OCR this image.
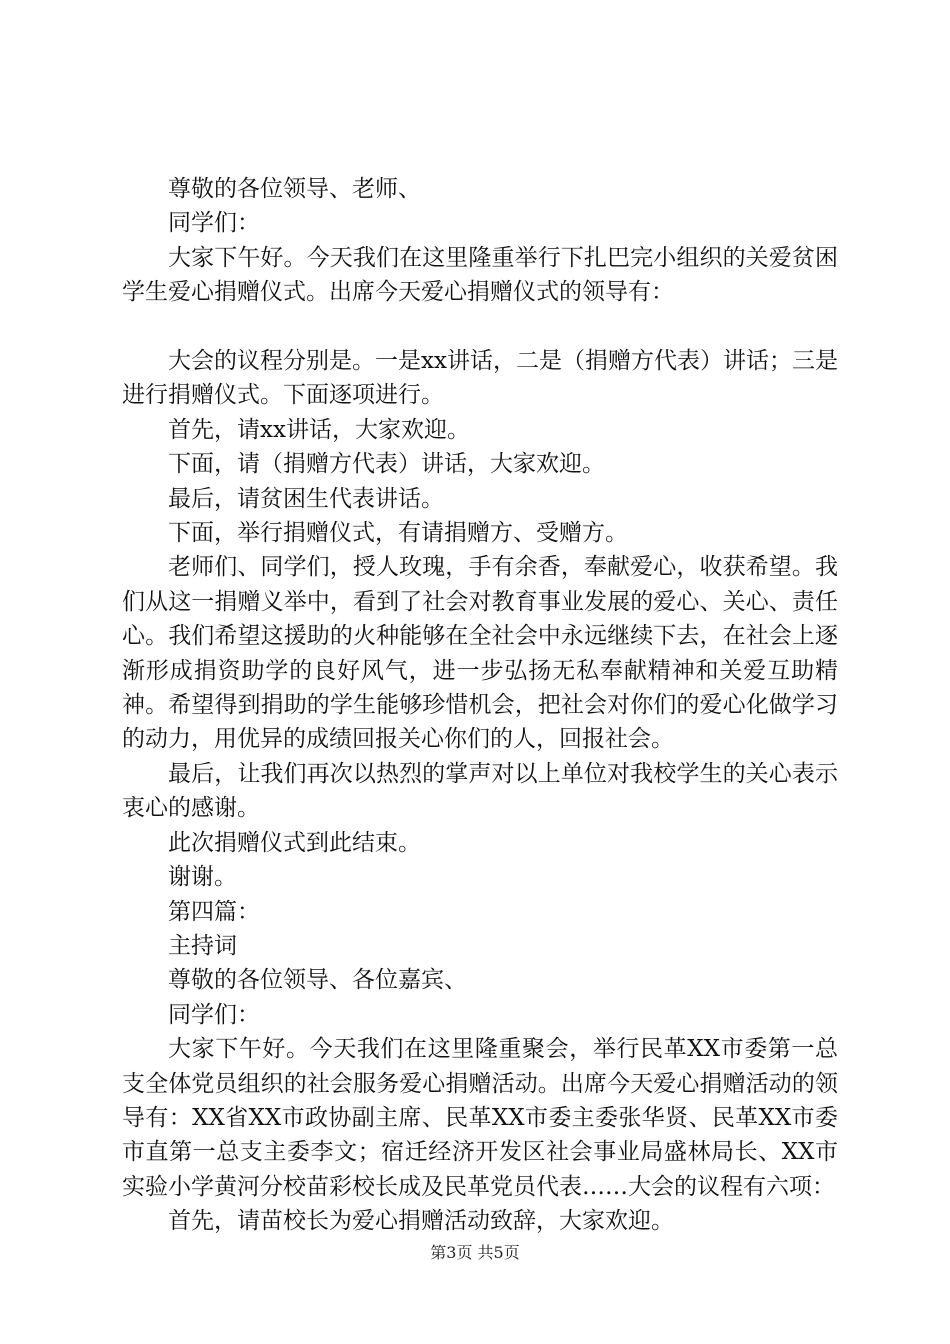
尊敬的各位领导、老师、

同学们：

大家下午好。今天我们在这里隆重举行下扎巴完小组织的关爱贫困学生爱心捐赠仪式。出席今天爱心捐赠仪式的领导有：

大会的议程分别是。一是xx讲话，二是（捐赠方代表）讲话；三是进行捐赠仪式。下面逐项进行。

首先，请xx讲话，大家欢迎。

下面，请（捐赠方代表）讲话，大家欢迎。

最后，请贫困生代表讲话。

下面，举行捐赠仪式，有请捐赠方、受赠方。

老师们、同学们，授人玫瑰，手有余香，奉献爱心，收获希望。我们从这一捐赠义举中，看到了社会对教育事业发展的爱心、关心、责任心。我们希望这援助的火种能够在全社会中永远继续下去，在社会上逐渐形成捐资助学的良好风气，进一步弘扬无私奉献精神和关爱互助精神。希望得到捐助的学生能够珍惜机会，把社会对你们的爱心化做学习的动力，用优异的成绩回报关心你们的人，回报社会。

最后，让我们再次以热烈的掌声对以上单位对我校学生的关心表示衷心的感谢。

此次捐赠仪式到此结束。

谢谢。

第四篇：

主持词

尊敬的各位领导、各位嘉宾、

同学们：

大家下午好。今天我们在这里隆重聚会，举行民革XX市委第一总支全体党员组织的社会服务爱心捐赠活动。出席今天爱心捐赠活动的领导有：XX省XX市政协副主席、民革XX市委主委张华贤、民革XX市委市直第一总支主委李文；宿迁经济开发区社会事业局盛林局长、XX市实验小学黄河分校苗彩校长成及民革党员代表……大会的议程有六项：

首先，请苗校长为爱心捐赠活动致辞，大家欢迎。

第3页 共5页
